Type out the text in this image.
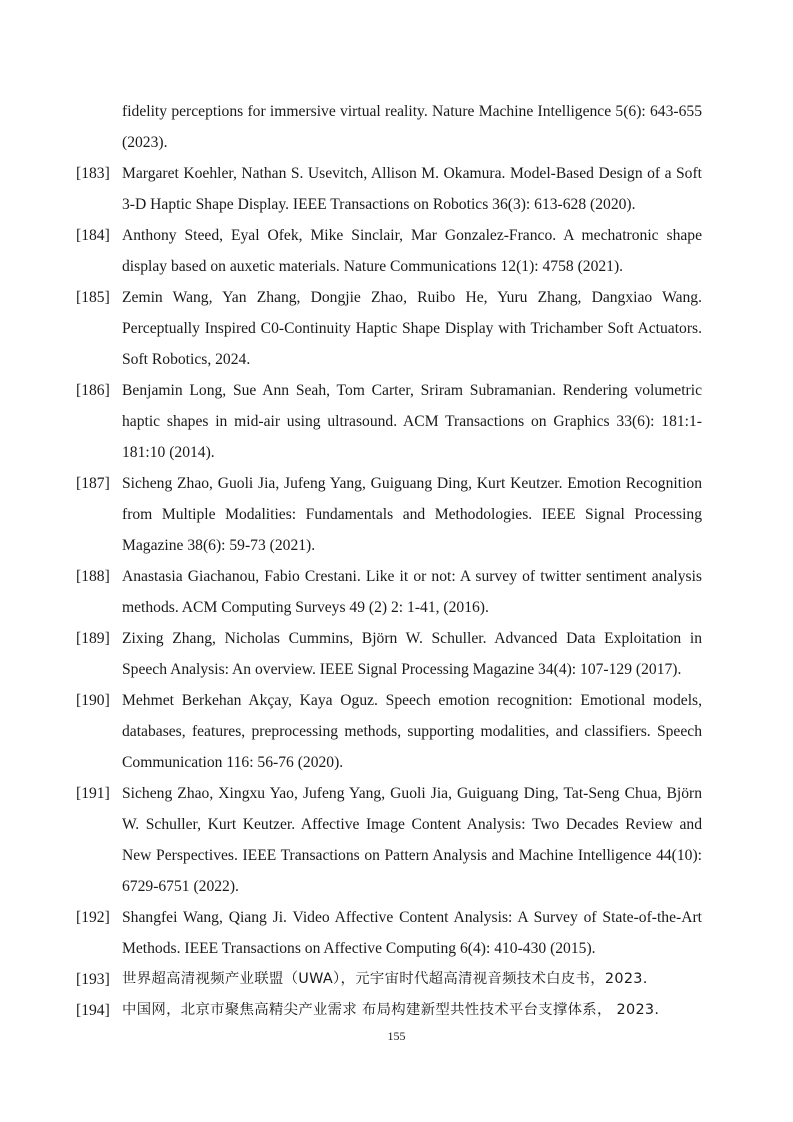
fidelity perceptions for immersive virtual reality. Nature Machine Intelligence 5(6): 643-655 (2023).
[183] Margaret Koehler, Nathan S. Usevitch, Allison M. Okamura. Model-Based Design of a Soft 3-D Haptic Shape Display. IEEE Transactions on Robotics 36(3): 613-628 (2020).
[184] Anthony Steed, Eyal Ofek, Mike Sinclair, Mar Gonzalez-Franco. A mechatronic shape display based on auxetic materials. Nature Communications 12(1): 4758 (2021).
[185] Zemin Wang, Yan Zhang, Dongjie Zhao, Ruibo He, Yuru Zhang, Dangxiao Wang. Perceptually Inspired C0-Continuity Haptic Shape Display with Trichamber Soft Actuators. Soft Robotics, 2024.
[186] Benjamin Long, Sue Ann Seah, Tom Carter, Sriram Subramanian. Rendering volumetric haptic shapes in mid-air using ultrasound. ACM Transactions on Graphics 33(6): 181:1-181:10 (2014).
[187] Sicheng Zhao, Guoli Jia, Jufeng Yang, Guiguang Ding, Kurt Keutzer. Emotion Recognition from Multiple Modalities: Fundamentals and Methodologies. IEEE Signal Processing Magazine 38(6): 59-73 (2021).
[188] Anastasia Giachanou, Fabio Crestani. Like it or not: A survey of twitter sentiment analysis methods. ACM Computing Surveys 49 (2) 2: 1-41, (2016).
[189] Zixing Zhang, Nicholas Cummins, Björn W. Schuller. Advanced Data Exploitation in Speech Analysis: An overview. IEEE Signal Processing Magazine 34(4): 107-129 (2017).
[190] Mehmet Berkehan Akçay, Kaya Oguz. Speech emotion recognition: Emotional models, databases, features, preprocessing methods, supporting modalities, and classifiers. Speech Communication 116: 56-76 (2020).
[191] Sicheng Zhao, Xingxu Yao, Jufeng Yang, Guoli Jia, Guiguang Ding, Tat-Seng Chua, Björn W. Schuller, Kurt Keutzer. Affective Image Content Analysis: Two Decades Review and New Perspectives. IEEE Transactions on Pattern Analysis and Machine Intelligence 44(10): 6729-6751 (2022).
[192] Shangfei Wang, Qiang Ji. Video Affective Content Analysis: A Survey of State-of-the-Art Methods. IEEE Transactions on Affective Computing 6(4): 410-430 (2015).
[193] 世界超高清视频产业联盟（UWA），元宇宙时代超高清视音频技术白皮书，2023.
[194] 中国网，北京市聚焦高精尖产业需求 布局构建新型共性技术平台支撑体系， 2023.
155
